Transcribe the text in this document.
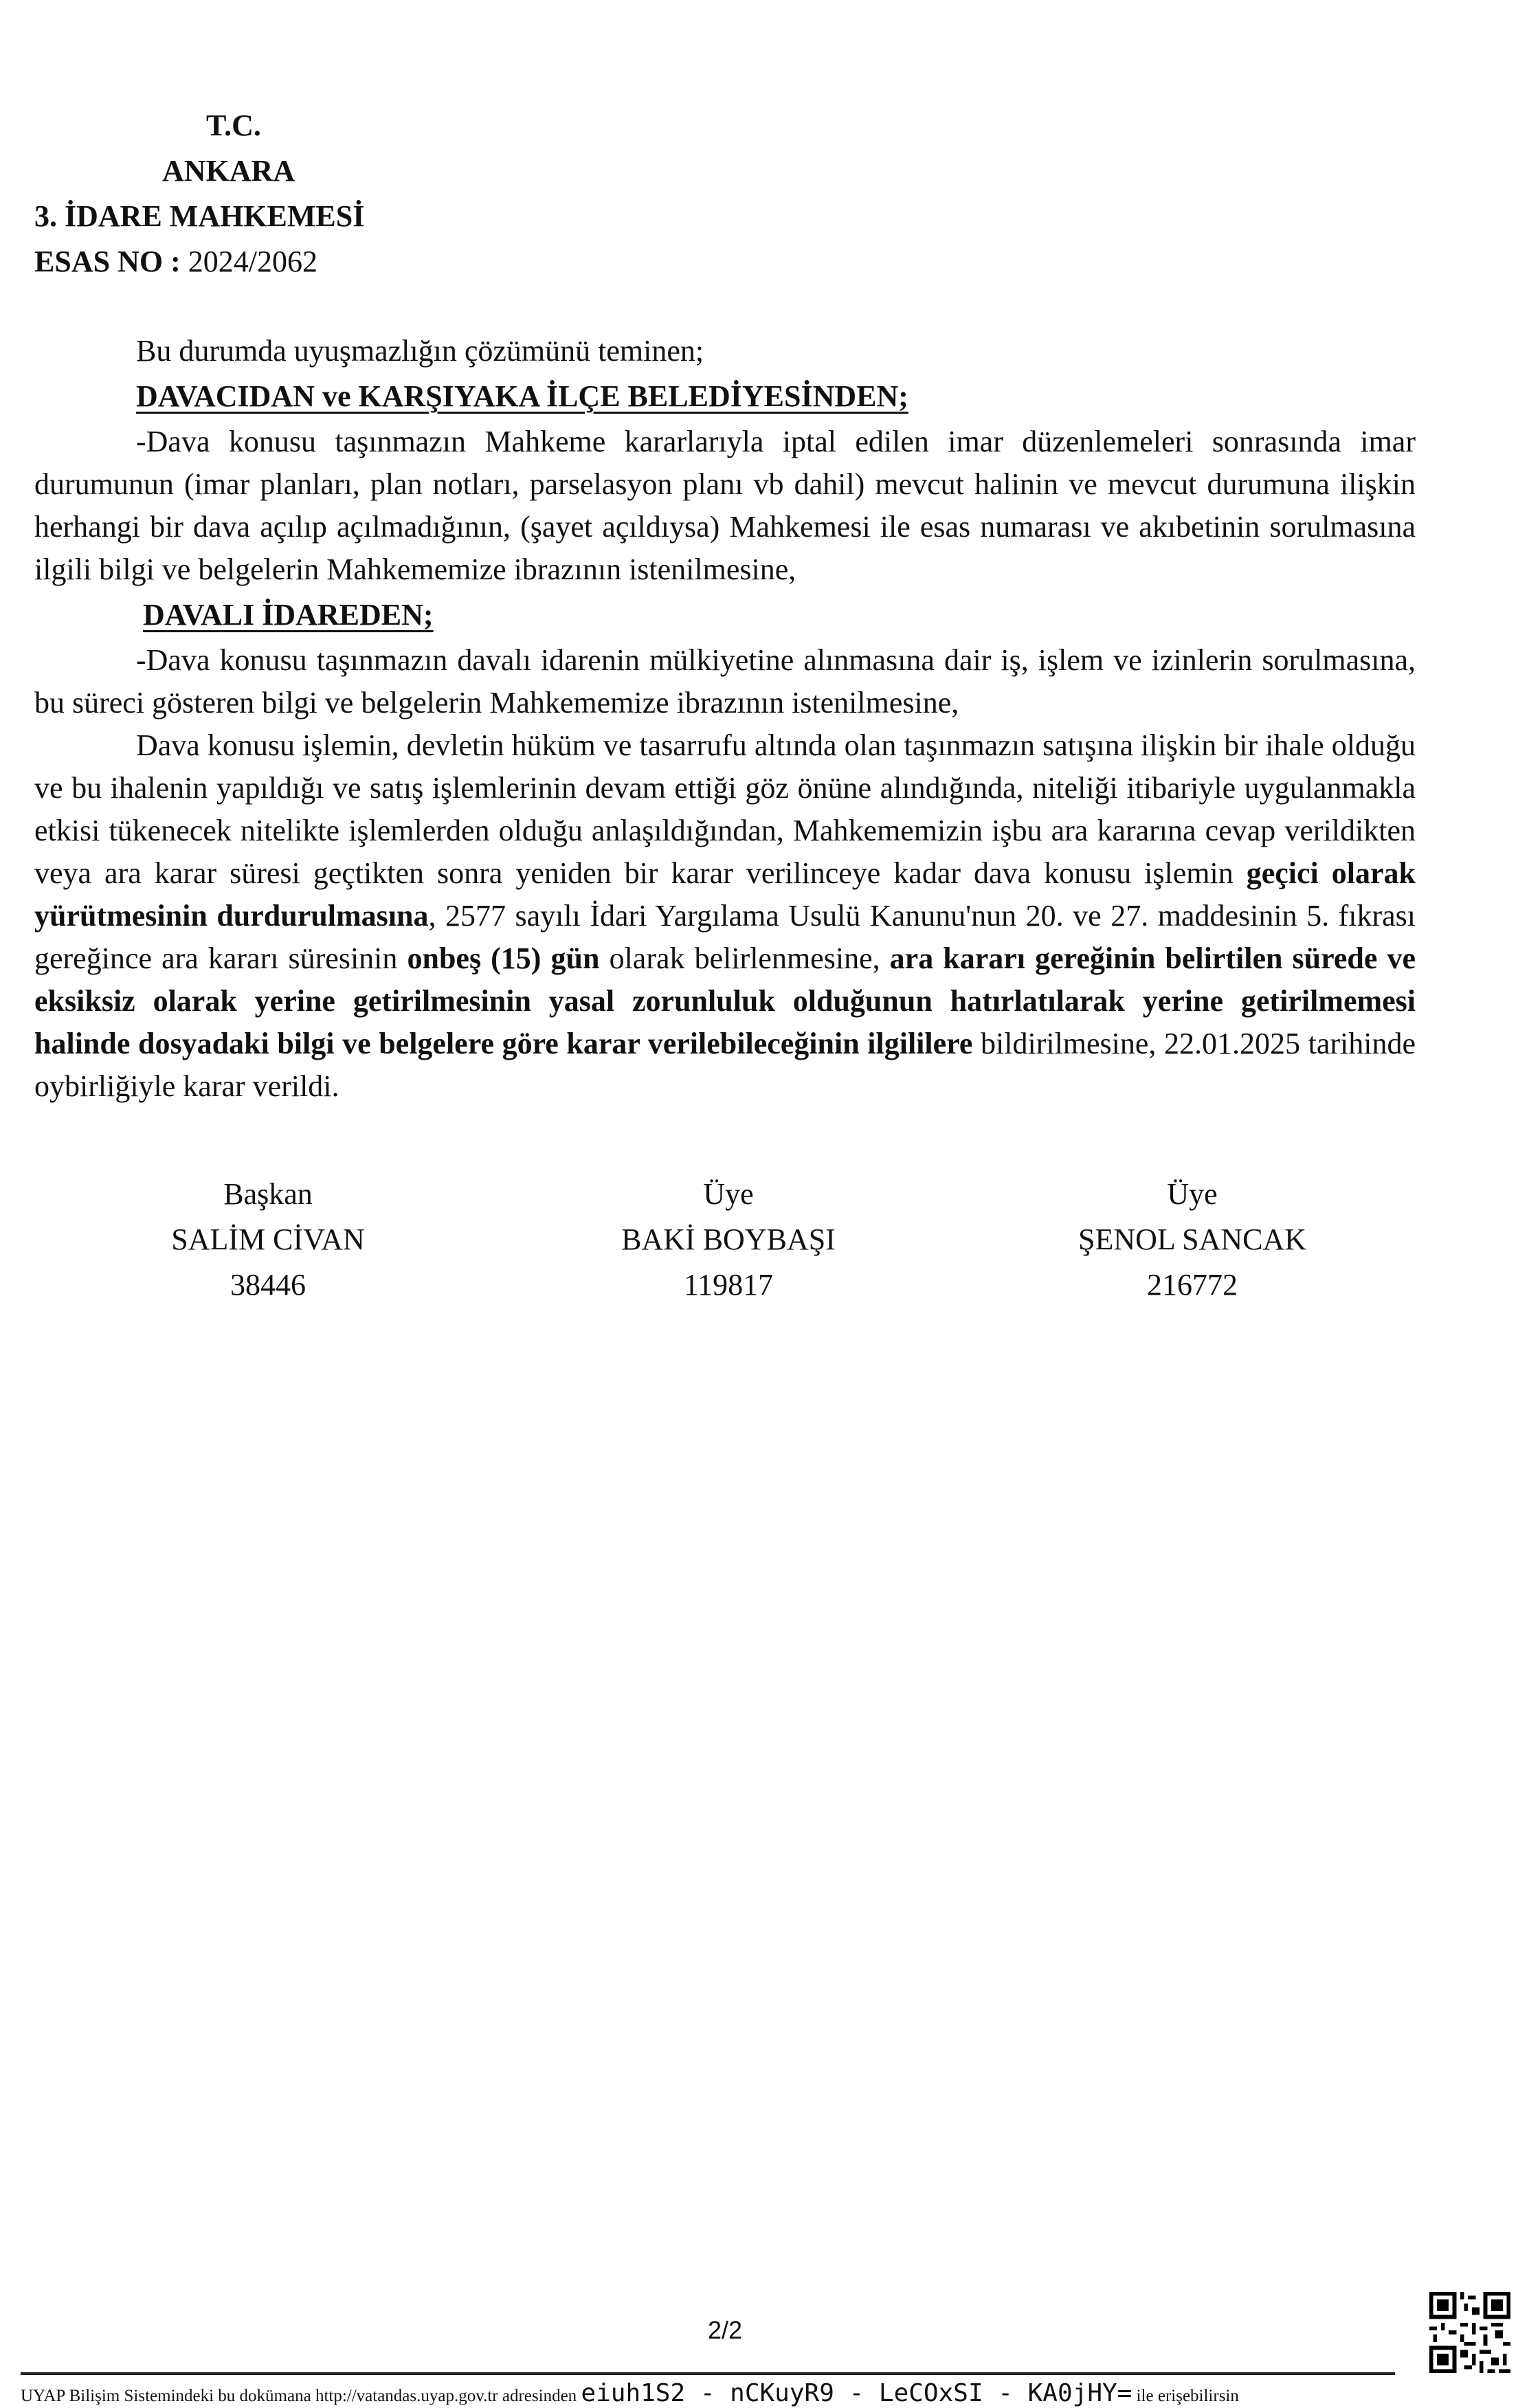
T.C.
ANKARA
3. İDARE MAHKEMESİ
ESAS NO : 2024/2062

Bu durumda uyuşmazlığın çözümünü teminen;

DAVACIDAN ve KARŞIYAKA İLÇE BELEDİYESİNDEN;

-Dava konusu taşınmazın Mahkeme kararlarıyla iptal edilen imar düzenlemeleri sonrasında imar durumunun (imar planları, plan notları, parselasyon planı vb dahil) mevcut halinin ve mevcut durumuna ilişkin herhangi bir dava açılıp açılmadığının, (şayet açıldıysa) Mahkemesi ile esas numarası ve akıbetinin sorulmasına ilgili bilgi ve belgelerin Mahkememize ibrazının istenilmesine,

DAVALI İDAREDEN;

-Dava konusu taşınmazın davalı idarenin mülkiyetine alınmasına dair iş, işlem ve izinlerin sorulmasına, bu süreci gösteren bilgi ve belgelerin Mahkememize ibrazının istenilmesine,

Dava konusu işlemin, devletin hüküm ve tasarrufu altında olan taşınmazın satışına ilişkin bir ihale olduğu ve bu ihalenin yapıldığı ve satış işlemlerinin devam ettiği göz önüne alındığında, niteliği itibariyle uygulanmakla etkisi tükenecek nitelikte işlemlerden olduğu anlaşıldığından, Mahkememizin işbu ara kararına cevap verildikten veya ara karar süresi geçtikten sonra yeniden bir karar verilinceye kadar dava konusu işlemin geçici olarak yürütmesinin durdurulmasına, 2577 sayılı İdari Yargılama Usulü Kanunu'nun 20. ve 27. maddesinin 5. fıkrası gereğince ara kararı süresinin onbeş (15) gün olarak belirlenmesine, ara kararı gereğinin belirtilen sürede ve eksiksiz olarak yerine getirilmesinin yasal zorunluluk olduğunun hatırlatılarak yerine getirilmemesi halinde dosyadaki bilgi ve belgelere göre karar verilebileceğinin ilgililere bildirilmesine, 22.01.2025 tarihinde oybirliğiyle karar verildi.

Başkan
SALİM CİVAN
38446
Üye
BAKİ BOYBAŞI
119817
Üye
ŞENOL SANCAK
216772
2/2
UYAP Bilişim Sistemindeki bu dokümana http://vatandas.uyap.gov.tr adresinden eiuh1S2 - nCKuyR9 - LeCOxSI - KA0jHY= ile erişebilirsin
